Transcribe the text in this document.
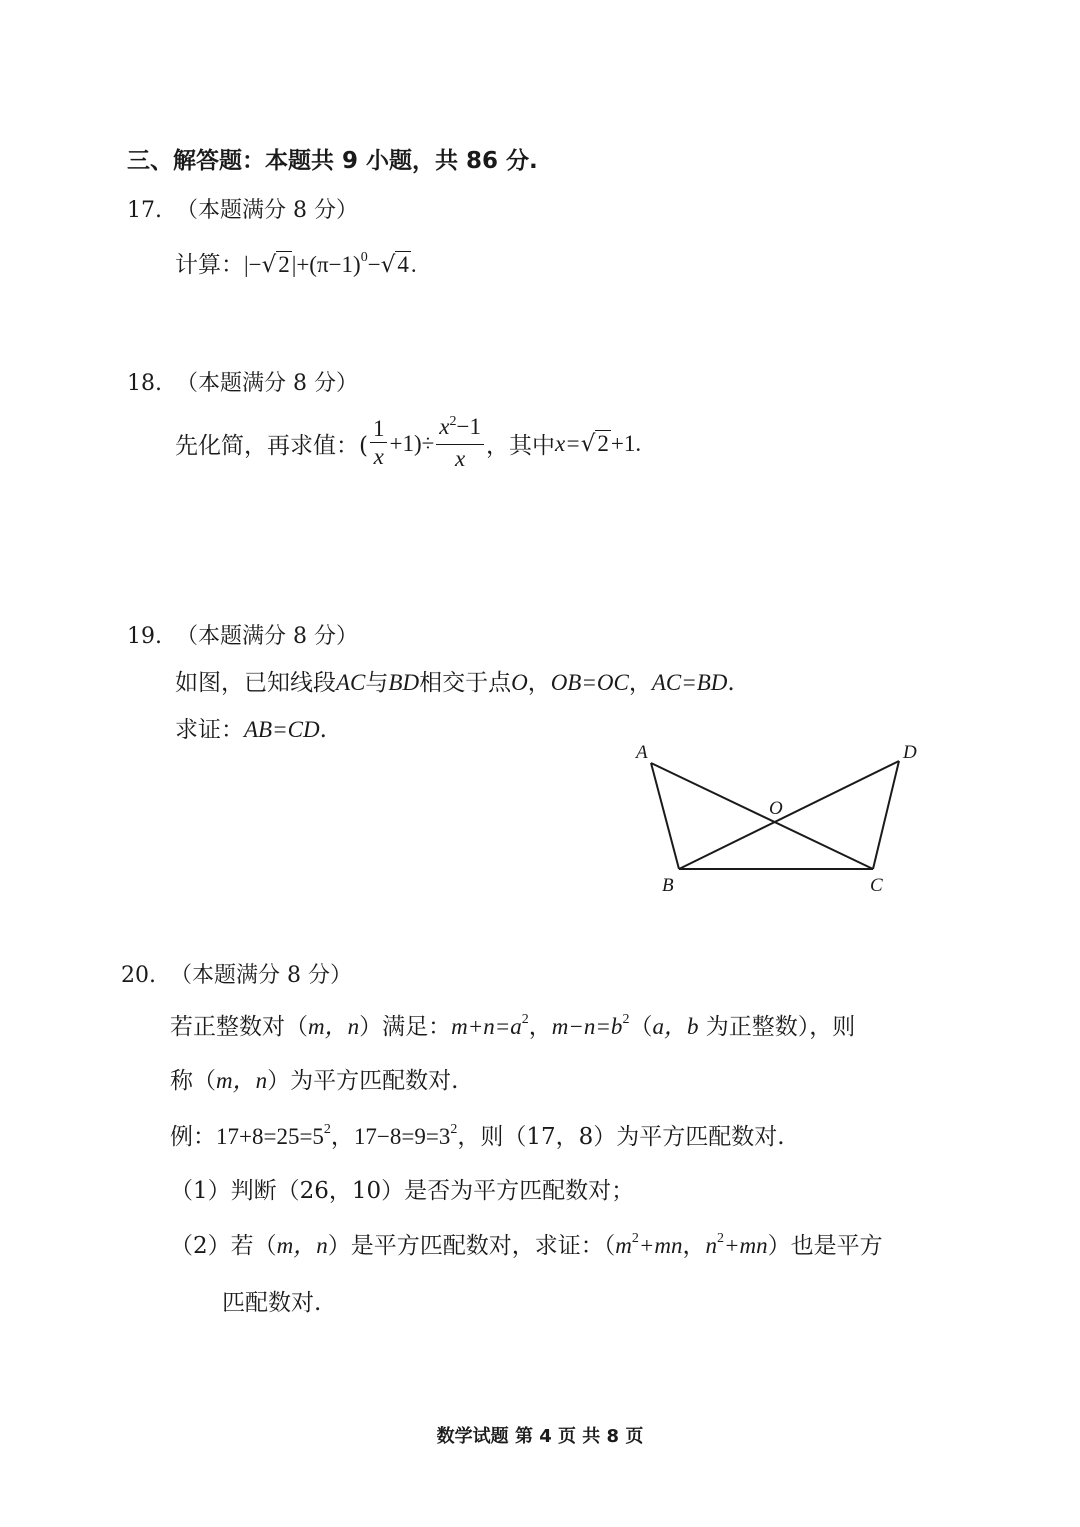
三、解答题：本题共 9 小题，共 86 分.
17. （本题满分 8 分）
计算：$|-√2|+(\pi-1)^0-√4$.
18. （本题满分 8 分）
先化简，再求值：( $\frac{1}{x} +1)\div \frac{x^2-1}{x}$ ，其中 x= √2 +1.
19. （本题满分 8 分）
如图，已知线段AC与BD相交于点O，OB=OC，AC=BD.
求证：AB=CD.
A	D
O
B	C
20. （本题满分 8 分）
若正整数对（m，n）满足：$m+n=a^2$，$m-n=b^2(a$，b 为正整数），则
称（m，n）为平方匹配数对.
例：$17+8=25=5^2$，$17-8=9=3^2$，则（17，8）为平方匹配数对.
（1）判断（26，10）是否为平方匹配数对；
（2）若（m，n）是平方匹配数对，求证：（$m^2+mn$，$n^2+mn$）也是平方
匹配数对.
数学试题 第 4 页 共 8 页
